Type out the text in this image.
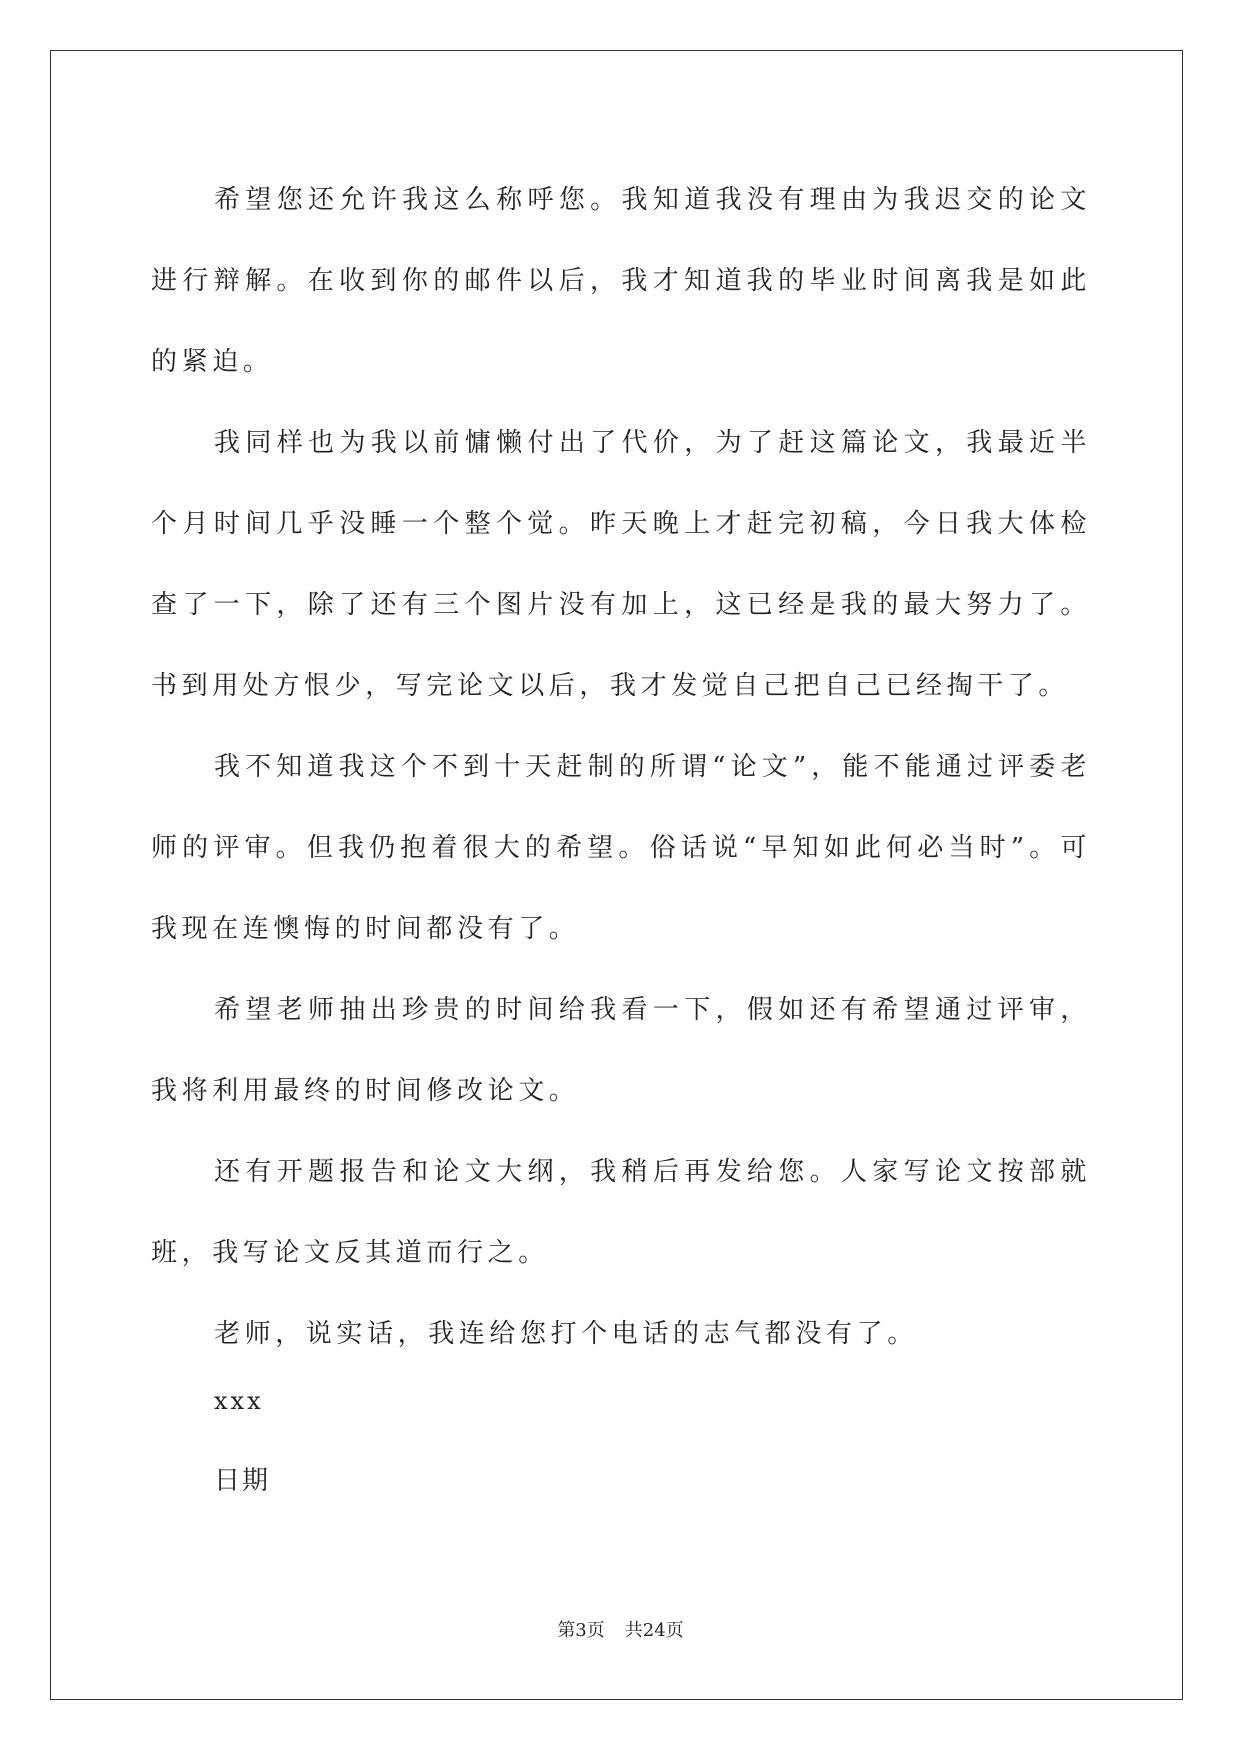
希望您还允许我这么称呼您。我知道我没有理由为我迟交的论文进行辩解。在收到你的邮件以后，我才知道我的毕业时间离我是如此的紧迫。

我同样也为我以前慵懒付出了代价，为了赶这篇论文，我最近半个月时间几乎没睡一个整个觉。昨天晚上才赶完初稿，今日我大体检查了一下，除了还有三个图片没有加上，这已经是我的最大努力了。书到用处方恨少，写完论文以后，我才发觉自己把自己已经掏干了。

我不知道我这个不到十天赶制的所谓“论文”，能不能通过评委老师的评审。但我仍抱着很大的希望。俗话说“早知如此何必当时”。可我现在连懊悔的时间都没有了。

希望老师抽出珍贵的时间给我看一下，假如还有希望通过评审，我将利用最终的时间修改论文。

还有开题报告和论文大纲，我稍后再发给您。人家写论文按部就班，我写论文反其道而行之。

老师，说实话，我连给您打个电话的志气都没有了。

xxx
日期
第3页 共24页
